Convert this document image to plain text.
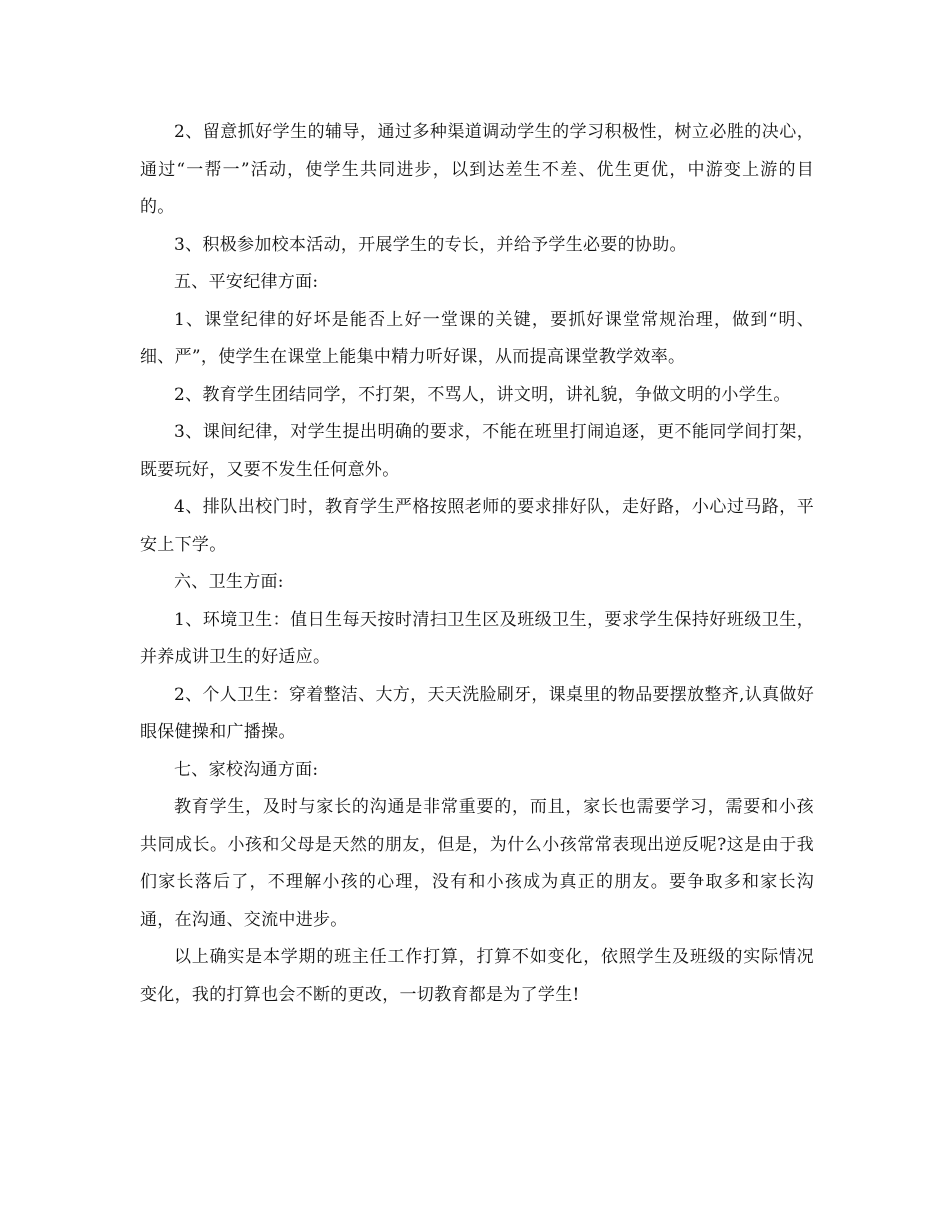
2、留意抓好学生的辅导，通过多种渠道调动学生的学习积极性，树立必胜的决心，通过“一帮一”活动，使学生共同进步，以到达差生不差、优生更优，中游变上游的目的。

3、积极参加校本活动，开展学生的专长，并给予学生必要的协助。

五、平安纪律方面:

1、课堂纪律的好坏是能否上好一堂课的关键，要抓好课堂常规治理，做到“明、细、严”，使学生在课堂上能集中精力听好课，从而提高课堂教学效率。

2、教育学生团结同学，不打架，不骂人，讲文明，讲礼貌，争做文明的小学生。

3、课间纪律，对学生提出明确的要求，不能在班里打闹追逐，更不能同学间打架，既要玩好，又要不发生任何意外。

4、排队出校门时，教育学生严格按照老师的要求排好队，走好路，小心过马路，平安上下学。

六、卫生方面:

1、环境卫生：值日生每天按时清扫卫生区及班级卫生，要求学生保持好班级卫生，并养成讲卫生的好适应。

2、个人卫生：穿着整洁、大方，天天洗脸刷牙，课桌里的物品要摆放整齐,认真做好眼保健操和广播操。

七、家校沟通方面:

教育学生，及时与家长的沟通是非常重要的，而且，家长也需要学习，需要和小孩共同成长。小孩和父母是天然的朋友，但是，为什么小孩常常表现出逆反呢?这是由于我们家长落后了，不理解小孩的心理，没有和小孩成为真正的朋友。要争取多和家长沟通，在沟通、交流中进步。

以上确实是本学期的班主任工作打算，打算不如变化，依照学生及班级的实际情况变化，我的打算也会不断的更改，一切教育都是为了学生!
